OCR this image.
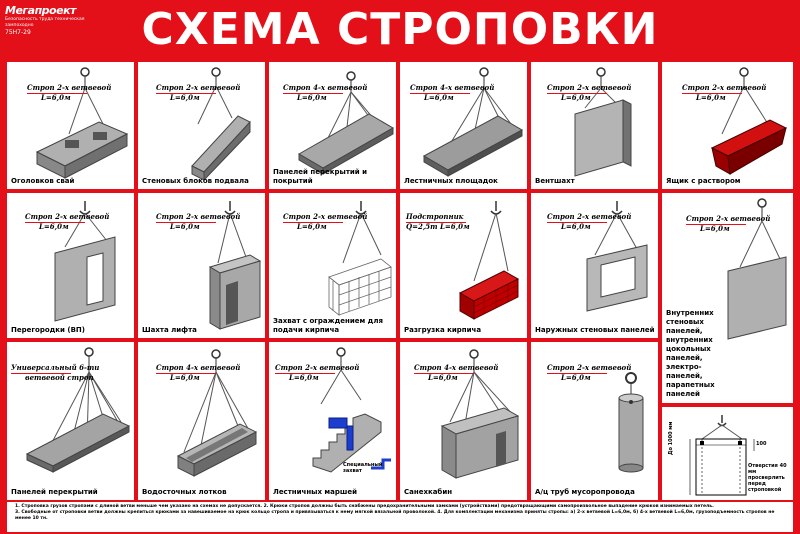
Мегапроект
Безопасность труда техническая зампоходно
75Н7-29	СХЕМА СТРОПОВКИ
Строп 2-х ветвевой
L=6,0м
Оголовков свай
Строп 2-х ветвевой
L=6,0м
Стеновых блоков подвала
Строп 4-х ветвевой
L=6,0м
Панелей перекрытий и покрытий
Строп 4-х ветвевой
L=6,0м
Лестничных площадок
Строп 2-х ветвевой
L=6,0м
Вентшахт
Строп 2-х ветвевой
L=6,0м
Ящик с раствором
Строп 2-х ветвевой
L=6,0м
Перегородки (ВП)
Строп 2-х ветвевой
L=6,0м
Шахта лифта
Строп 2-х ветвевой
L=6,0м
Захват с ограждением для подачи кирпича
Подстропник
Q=2,5т L=6,0м
Разгрузка кирпича
Строп 2-х ветвевой
L=6,0м
Наружных стеновых панелей
Строп 2-х ветвевой
L=6,0м
Внутренних стеновых панелей, внутренних цокольных панелей, электро-панелей, парапетных панелей
Универсальный 6-ти
ветвевой строп
Панелей перекрытий
Строп 4-х ветвевой
L=6,0м
Водосточных лотков
Строп 2-х ветвевой
L=6,0м
Специальный захват
Лестничных маршей
Строп 4-х ветвевой
L=6,0м
Санехкабин
Строп 2-х ветвевой
L=6,0м
А/ц труб мусоропровода
До 1000 мм	100
Отверстия 40 мм просверлить перед строповкой
1. Строповка грузов стропами с длиной ветви меньше чем указано на схемах не допускается. 2. Крюки стропов должны быть снабжены предохранительными замками (устройствами) предотвращающими самопроизвольное выпадение крюков изнимаемых петель.
3. Свободные от строповки ветви должны крепиться крюками за навешиваемое на крюк кольцо стропа и привязываться к нему мягкой вязальной проволокой. 4. Для комплектации механизма приняты стропы: а) 2-х ветвевой L=6,0м, б) 4-х ветвевой L=6,0м, грузоподъемность стропов не менее 10 тн.
